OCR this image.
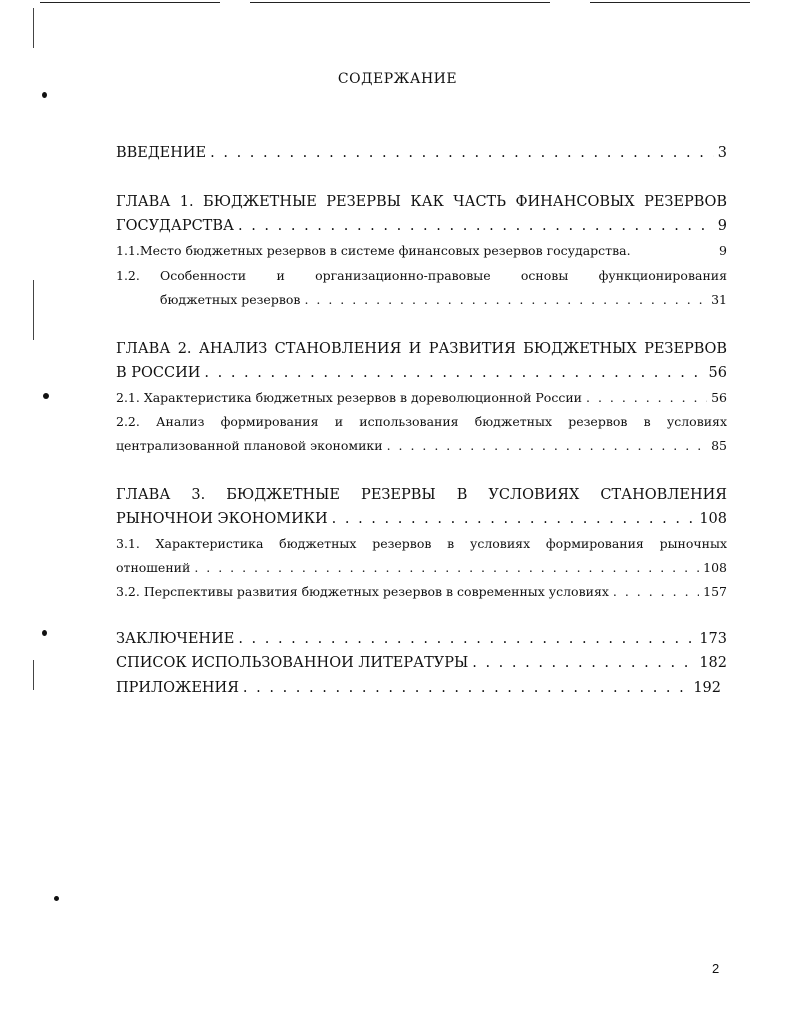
СОДЕРЖАНИЕ
ВВЕДЕНИЕ . . .	3
ГЛАВА 1. БЮДЖЕТНЫЕ РЕЗЕРВЫ КАК ЧАСТЬ ФИНАНСОВЫХ РЕЗЕРВОВ
ГОСУДАРСТВА . . .	9
1.1. Место бюджетных резервов в системе финансовых резервов государства.	9
1.2.	Особенности и организационно-правовые основы функционирования
бюджетных резервов . . .	31
ГЛАВА 2. АНАЛИЗ СТАНОВЛЕНИЯ И РАЗВИТИЯ БЮДЖЕТНЫХ РЕЗЕРВОВ
В РОССИИ . . .	56
2.1. Характеристика бюджетных резервов в дореволюционной России . . .	56
2.2. Анализ формирования и использования бюджетных резервов в условиях
централизованной плановой экономики . . .	85
ГЛАВА 3. БЮДЖЕТНЫЕ РЕЗЕРВЫ В УСЛОВИЯХ СТАНОВЛЕНИЯ
РЫНОЧНОЙ ЭКОНОМИКИ . . .	108
3.1. Характеристика бюджетных резервов в условиях формирования рыночных
отношений . . .	108
3.2. Перспективы развития бюджетных резервов в современных условиях . . .	157
ЗАКЛЮЧЕНИЕ . . .	173
СПИСОК ИСПОЛЬЗОВАННОЙ ЛИТЕРАТУРЫ . . .	182
ПРИЛОЖЕНИЯ . . .	192
2
